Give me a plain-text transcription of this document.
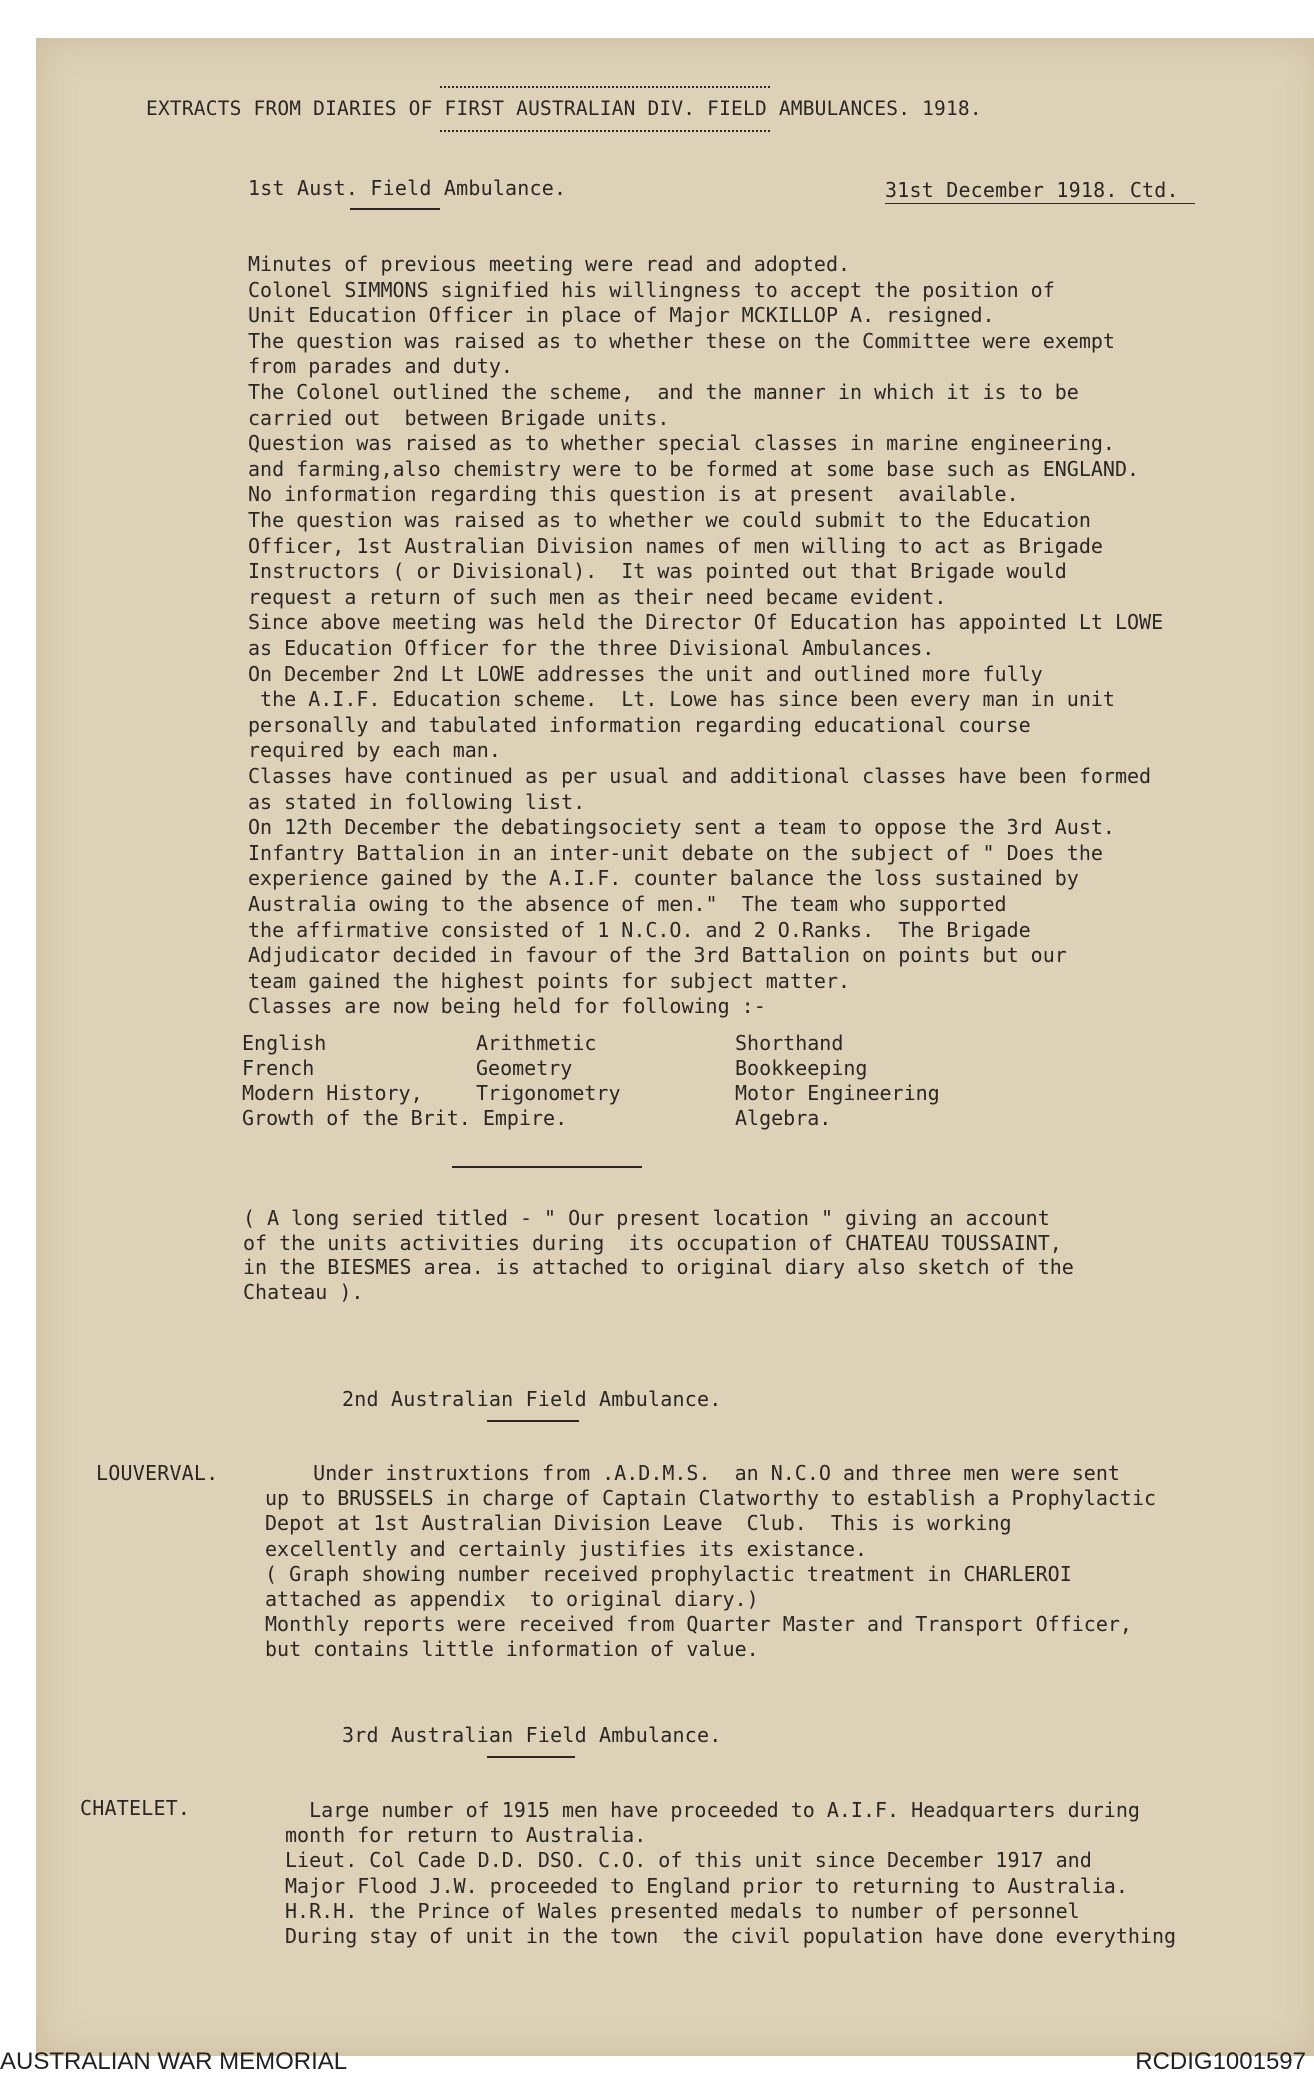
EXTRACTS FROM DIARIES OF FIRST AUSTRALIAN DIV. FIELD AMBULANCES. 1918.
1st Aust. Field Ambulance.	31st December 1918. Ctd.
Minutes of previous meeting were read and adopted.
Colonel SIMMONS signified his willingness to accept the position of
Unit Education Officer in place of Major MCKILLOP A. resigned.
The question was raised as to whether these on the Committee were exempt
from parades and duty.
The Colonel outlined the scheme,  and the manner in which it is to be
carried out  between Brigade units.
Question was raised as to whether special classes in marine engineering.
and farming,also chemistry were to be formed at some base such as ENGLAND.
No information regarding this question is at present  available.
The question was raised as to whether we could submit to the Education
Officer, 1st Australian Division names of men willing to act as Brigade
Instructors ( or Divisional).  It was pointed out that Brigade would
request a return of such men as their need became evident.
Since above meeting was held the Director Of Education has appointed Lt LOWE
as Education Officer for the three Divisional Ambulances.
On December 2nd Lt LOWE addresses the unit and outlined more fully
the A.I.F. Education scheme.  Lt. Lowe has since been every man in unit
personally and tabulated information regarding educational course
required by each man.
Classes have continued as per usual and additional classes have been formed
as stated in following list.
On 12th December the debatingsociety sent a team to oppose the 3rd Aust.
Infantry Battalion in an inter-unit debate on the subject of " Does the
experience gained by the A.I.F. counter balance the loss sustained by
Australia owing to the absence of men."  The team who supported
the affirmative consisted of 1 N.C.O. and 2 O.Ranks.  The Brigade
Adjudicator decided in favour of the 3rd Battalion on points but our
team gained the highest points for subject matter.
Classes are now being held for following :-
English	Arithmetic	Shorthand
French	Geometry	Bookkeeping
Modern History,	Trigonometry	Motor Engineering
Growth of the Brit. Empire.	Algebra.
( A long seried titled - " Our present location " giving an account
of the units activities during  its occupation of CHATEAU TOUSSAINT,
in the BIESMES area. is attached to original diary also sketch of the
Chateau ).
2nd Australian Field Ambulance.
LOUVERVAL. Under instruxtions from .A.D.M.S.  an N.C.O and three men were sent
up to BRUSSELS in charge of Captain Clatworthy to establish a Prophylactic
Depot at 1st Australian Division Leave  Club.  This is working
excellently and certainly justifies its existance.
( Graph showing number received prophylactic treatment in CHARLEROI
attached as appendix  to original diary.)
Monthly reports were received from Quarter Master and Transport Officer,
but contains little information of value.
3rd Australian Field Ambulance.
CHATELET.	Large number of 1915 men have proceeded to A.I.F. Headquarters during
month for return to Australia.
Lieut. Col Cade D.D. DSO. C.O. of this unit since December 1917 and
Major Flood J.W. proceeded to England prior to returning to Australia.
H.R.H. the Prince of Wales presented medals to number of personnel
During stay of unit in the town  the civil population have done everything
AUSTRALIAN WAR MEMORIAL	RCDIG1001597
